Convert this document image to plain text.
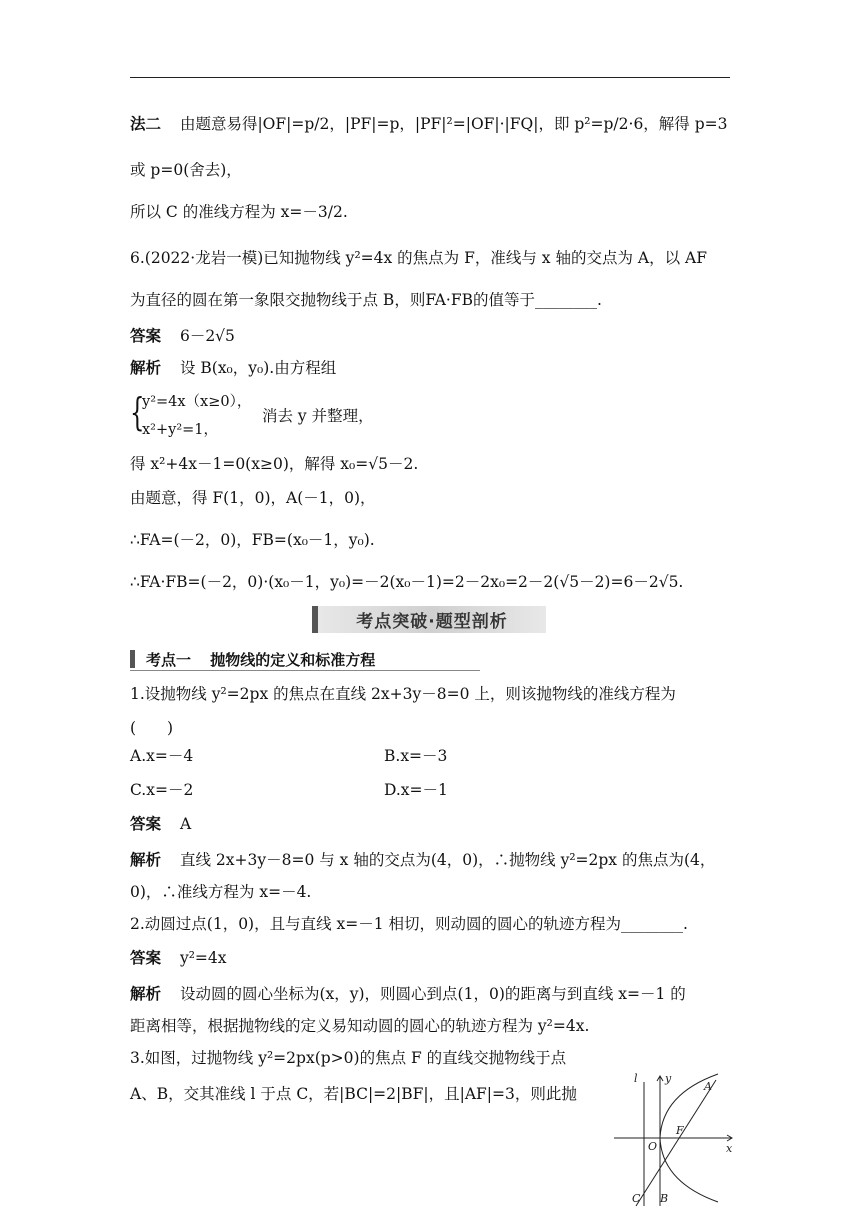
法二 由题意易得|OF|=p/2，|PF|=p，|PF|²=|OF|·|FQ|，即 p²=p/2·6，解得 p=3
或 p=0(舍去)，
所以 C 的准线方程为 x=－3/2.
6.(2022·龙岩一模)已知抛物线 y²=4x 的焦点为 F，准线与 x 轴的交点为 A，以 AF
为直径的圆在第一象限交抛物线于点 B，则FA·FB的值等于________.
答案 6－2√5
解析 设 B(x₀，y₀).由方程组
{
y²=4x（x≥0），
x²+y²=1，
消去 y 并整理，
得 x²+4x－1=0(x≥0)，解得 x₀=√5－2.
由题意，得 F(1，0)，A(－1，0)，
∴FA=(－2，0)，FB=(x₀－1，y₀).
∴FA·FB=(－2，0)·(x₀－1，y₀)=－2(x₀－1)=2－2x₀=2－2(√5－2)=6－2√5.
考点突破·题型剖析
考点一 抛物线的定义和标准方程
1.设抛物线 y²=2px 的焦点在直线 2x+3y－8=0 上，则该抛物线的准线方程为
(　　)
A.x=－4	B.x=－3
C.x=－2	D.x=－1
答案 A
解析 直线 2x+3y－8=0 与 x 轴的交点为(4，0)，∴抛物线 y²=2px 的焦点为(4，
0)，∴准线方程为 x=－4.
2.动圆过点(1，0)，且与直线 x=－1 相切，则动圆的圆心的轨迹方程为________.
答案 y²=4x
解析 设动圆的圆心坐标为(x，y)，则圆心到点(1，0)的距离与到直线 x=－1 的
距离相等，根据抛物线的定义易知动圆的圆心的轨迹方程为 y²=4x.
3.如图，过抛物线 y²=2px(p>0)的焦点 F 的直线交抛物线于点
A、B，交其准线 l 于点 C，若|BC|=2|BF|，且|AF|=3，则此抛
l y
x
A
F
O
C B
